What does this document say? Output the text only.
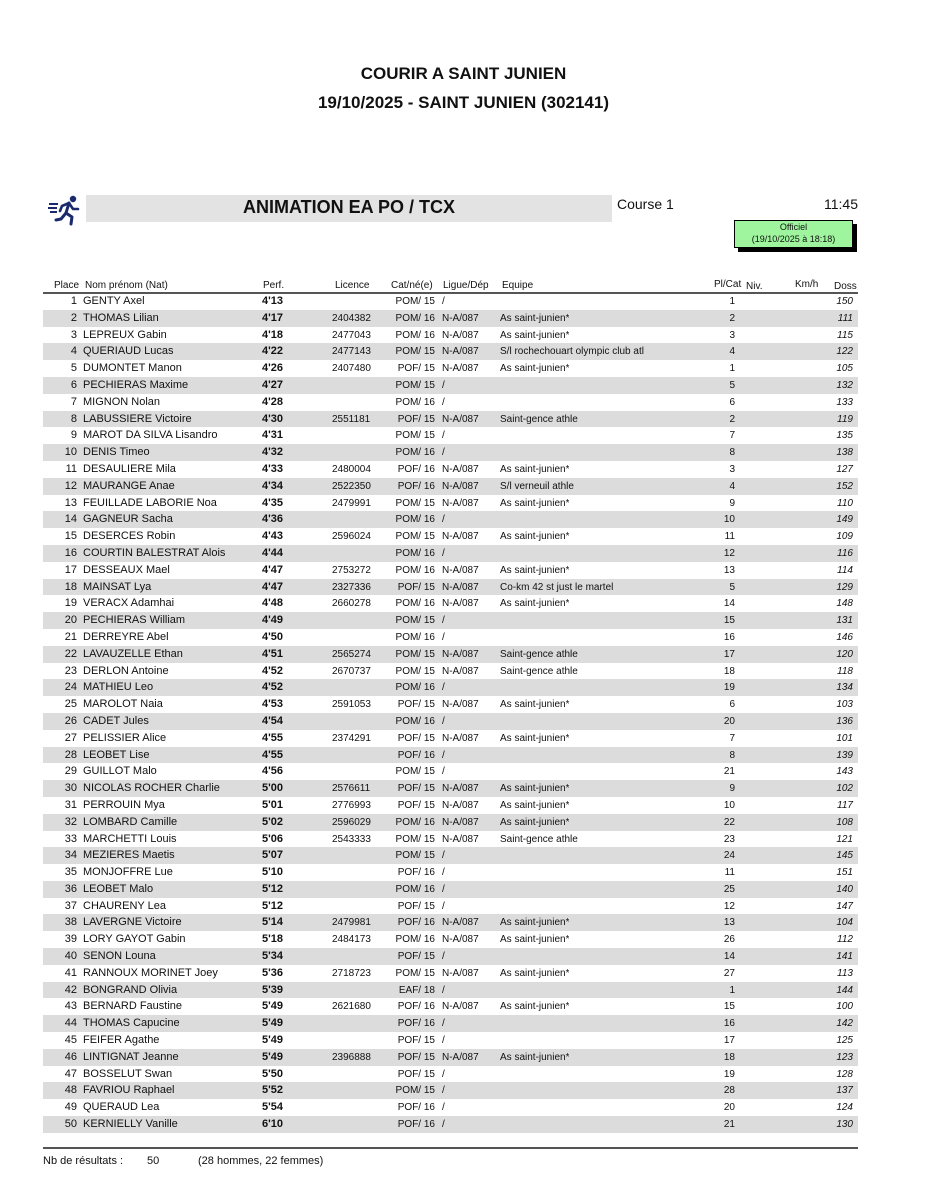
COURIR A SAINT JUNIEN
19/10/2025 - SAINT JUNIEN (302141)
ANIMATION EA PO / TCX	Course 1	11:45
Officiel
(19/10/2025 à 18:18)
Place Nom prénom (Nat)	Perf.	Licence Cat/né(e) Ligue/Dép Equipe	Pl/Cat Niv.	Km/h Doss
1 GENTY Axel	4'13	POM/ 15 /	1	150
2 THOMAS Lilian	4'17	2404382	POM/ 16 N-A/087 As saint-junien*	2	111
3 LEPREUX Gabin	4'18	2477043	POM/ 16 N-A/087 As saint-junien*	3	115
4 QUERIAUD Lucas	4'22	2477143	POM/ 15 N-A/087 S/l rochechouart olympic club atl	4	122
5 DUMONTET Manon	4'26	2407480	POF/ 15 N-A/087 As saint-junien*	1	105
6 PECHIERAS Maxime	4'27	POM/ 15 /	5	132
7 MIGNON Nolan	4'28	POM/ 16 /	6	133
8 LABUSSIERE Victoire	4'30	2551181	POF/ 15 N-A/087 Saint-gence athle	2	119
9 MAROT DA SILVA Lisandro	4'31	POM/ 15 /	7	135
10 DENIS Timeo	4'32	POM/ 16 /	8	138
11 DESAULIERE Mila	4'33	2480004	POF/ 16 N-A/087 As saint-junien*	3	127
12 MAURANGE Anae	4'34	2522350	POF/ 16 N-A/087 S/l verneuil athle	4	152
13 FEUILLADE LABORIE Noa	4'35	2479991	POM/ 15 N-A/087 As saint-junien*	9	110
14 GAGNEUR Sacha	4'36	POM/ 16 /	10	149
15 DESERCES Robin	4'43	2596024	POM/ 15 N-A/087 As saint-junien*	11	109
16 COURTIN BALESTRAT Alois	4'44	POM/ 16 /	12	116
17 DESSEAUX Mael	4'47	2753272	POM/ 16 N-A/087 As saint-junien*	13	114
18 MAINSAT Lya	4'47	2327336	POF/ 15 N-A/087 Co-km 42 st just le martel	5	129
19 VERACX Adamhai	4'48	2660278	POM/ 16 N-A/087 As saint-junien*	14	148
20 PECHIERAS William	4'49	POM/ 15 /	15	131
21 DERREYRE Abel	4'50	POM/ 16 /	16	146
22 LAVAUZELLE Ethan	4'51	2565274	POM/ 15 N-A/087 Saint-gence athle	17	120
23 DERLON Antoine	4'52	2670737	POM/ 15 N-A/087 Saint-gence athle	18	118
24 MATHIEU Leo	4'52	POM/ 16 /	19	134
25 MAROLOT Naia	4'53	2591053	POF/ 15 N-A/087 As saint-junien*	6	103
26 CADET Jules	4'54	POM/ 16 /	20	136
27 PELISSIER Alice	4'55	2374291	POF/ 15 N-A/087 As saint-junien*	7	101
28 LEOBET Lise	4'55	POF/ 16 /	8	139
29 GUILLOT Malo	4'56	POM/ 15 /	21	143
30 NICOLAS ROCHER Charlie	5'00	2576611	POF/ 15 N-A/087 As saint-junien*	9	102
31 PERROUIN Mya	5'01	2776993	POF/ 15 N-A/087 As saint-junien*	10	117
32 LOMBARD Camille	5'02	2596029	POM/ 16 N-A/087 As saint-junien*	22	108
33 MARCHETTI Louis	5'06	2543333	POM/ 15 N-A/087 Saint-gence athle	23	121
34 MEZIERES Maetis	5'07	POM/ 15 /	24	145
35 MONJOFFRE Lue	5'10	POF/ 16 /	11	151
36 LEOBET Malo	5'12	POM/ 16 /	25	140
37 CHAURENY Lea	5'12	POF/ 15 /	12	147
38 LAVERGNE Victoire	5'14	2479981	POF/ 16 N-A/087 As saint-junien*	13	104
39 LORY GAYOT Gabin	5'18	2484173	POM/ 16 N-A/087 As saint-junien*	26	112
40 SENON Louna	5'34	POF/ 15 /	14	141
41 RANNOUX MORINET Joey	5'36	2718723	POM/ 15 N-A/087 As saint-junien*	27	113
42 BONGRAND Olivia	5'39	EAF/ 18 /	1	144
43 BERNARD Faustine	5'49	2621680	POF/ 16 N-A/087 As saint-junien*	15	100
44 THOMAS Capucine	5'49	POF/ 16 /	16	142
45 FEIFER Agathe	5'49	POF/ 15 /	17	125
46 LINTIGNAT Jeanne	5'49	2396888	POF/ 15 N-A/087 As saint-junien*	18	123
47 BOSSELUT Swan	5'50	POF/ 15 /	19	128
48 FAVRIOU Raphael	5'52	POM/ 15 /	28	137
49 QUERAUD Lea	5'54	POF/ 16 /	20	124
50 KERNIELLY Vanille	6'10	POF/ 16 /	21	130
Nb de résultats : 50	(28 hommes, 22 femmes)
